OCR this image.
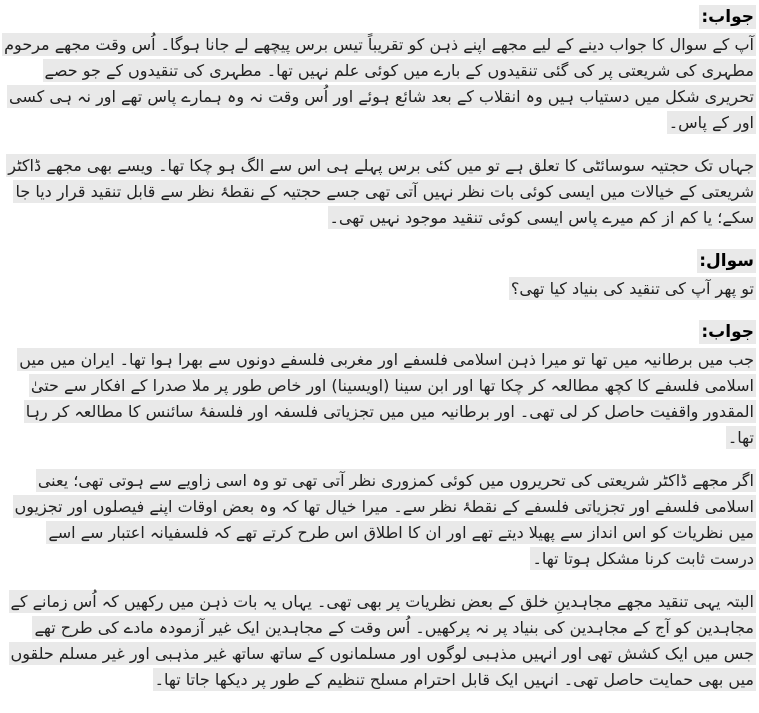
جواب:

آپ کے سوال کا جواب دینے کے لیے مجھے اپنے ذہن کو تقریباً تیس برس پیچھے لے جانا ہوگا۔ اُس وقت مجھے مرحوم مطہری کی شریعتی پر کی گئی تنقیدوں کے بارے میں کوئی علم نہیں تھا۔ مطہری کی تنقیدوں کے جو حصے تحریری شکل میں دستیاب ہیں وہ انقلاب کے بعد شائع ہوئے اور اُس وقت نہ وہ ہمارے پاس تھے اور نہ ہی کسی اور کے پاس۔

جہاں تک حجتیہ سوسائٹی کا تعلق ہے تو میں کئی برس پہلے ہی اس سے الگ ہو چکا تھا۔ ویسے بھی مجھے ڈاکٹر شریعتی کے خیالات میں ایسی کوئی بات نظر نہیں آتی تھی جسے حجتیہ کے نقطۂ نظر سے قابل تنقید قرار دیا جا سکے؛ یا کم از کم میرے پاس ایسی کوئی تنقید موجود نہیں تھی۔

سوال:

تو پھر آپ کی تنقید کی بنیاد کیا تھی؟

جواب:

جب میں برطانیہ میں تھا تو میرا ذہن اسلامی فلسفے اور مغربی فلسفے دونوں سے بھرا ہوا تھا۔ ایران میں میں اسلامی فلسفے کا کچھ مطالعہ کر چکا تھا اور ابن سینا (اویسینا) اور خاص طور پر ملا صدرا کے افکار سے حتیٰ المقدور واقفیت حاصل کر لی تھی۔ اور برطانیہ میں میں تجزیاتی فلسفہ اور فلسفۂ سائنس کا مطالعہ کر رہا تھا۔

اگر مجھے ڈاکٹر شریعتی کی تحریروں میں کوئی کمزوری نظر آتی تھی تو وہ اسی زاویے سے ہوتی تھی؛ یعنی اسلامی فلسفے اور تجزیاتی فلسفے کے نقطۂ نظر سے۔ میرا خیال تھا کہ وہ بعض اوقات اپنے فیصلوں اور تجزیوں میں نظریات کو اس انداز سے پھیلا دیتے تھے اور ان کا اطلاق اس طرح کرتے تھے کہ فلسفیانہ اعتبار سے اسے درست ثابت کرنا مشکل ہوتا تھا۔

البتہ یہی تنقید مجھے مجاہدینِ خلق کے بعض نظریات پر بھی تھی۔ یہاں یہ بات ذہن میں رکھیں کہ اُس زمانے کے مجاہدین کو آج کے مجاہدین کی بنیاد پر نہ پرکھیں۔ اُس وقت کے مجاہدین ایک غیر آزمودہ مادے کی طرح تھے جس میں ایک کشش تھی اور انہیں مذہبی لوگوں اور مسلمانوں کے ساتھ ساتھ غیر مذہبی اور غیر مسلم حلقوں میں بھی حمایت حاصل تھی۔ انہیں ایک قابل احترام مسلح تنظیم کے طور پر دیکھا جاتا تھا۔
